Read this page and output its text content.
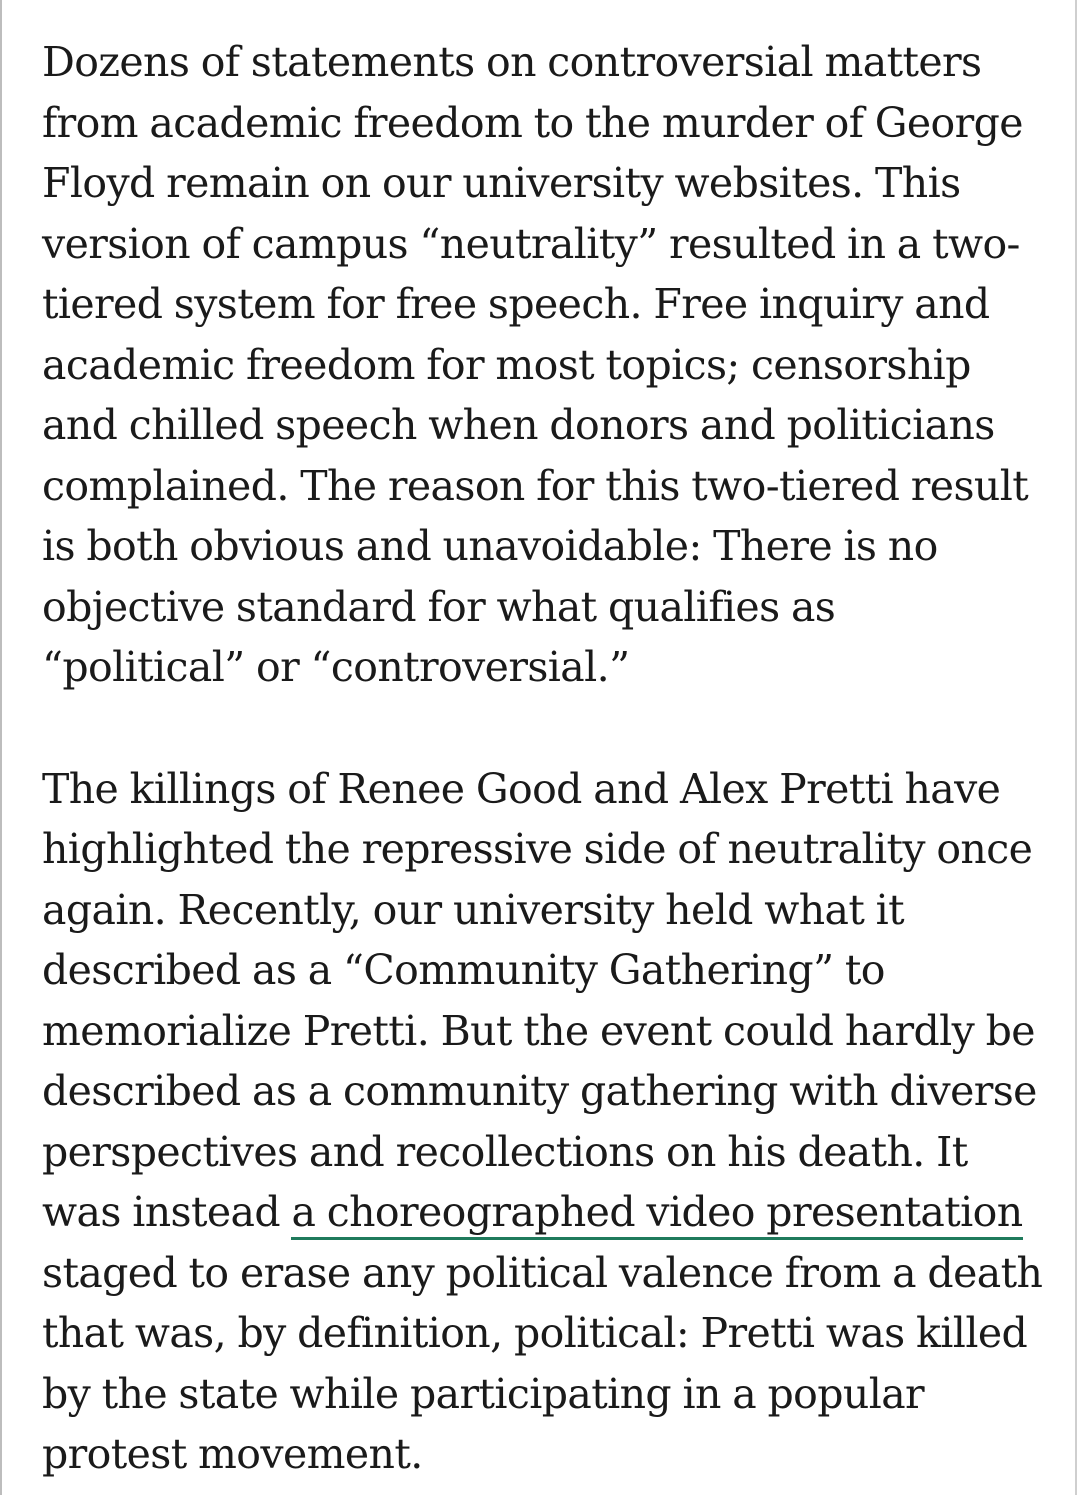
Dozens of statements on controversial matters
from academic freedom to the murder of George
Floyd remain on our university websites. This
version of campus “neutrality” resulted in a two-
tiered system for free speech. Free inquiry and
academic freedom for most topics; censorship
and chilled speech when donors and politicians
complained. The reason for this two-tiered result
is both obvious and unavoidable: There is no
objective standard for what qualifies as
“political” or “controversial.”

The killings of Renee Good and Alex Pretti have
highlighted the repressive side of neutrality once
again. Recently, our university held what it
described as a “Community Gathering” to
memorialize Pretti. But the event could hardly be
described as a community gathering with diverse
perspectives and recollections on his death. It
was instead a choreographed video presentation
staged to erase any political valence from a death
that was, by definition, political: Pretti was killed
by the state while participating in a popular
protest movement.
